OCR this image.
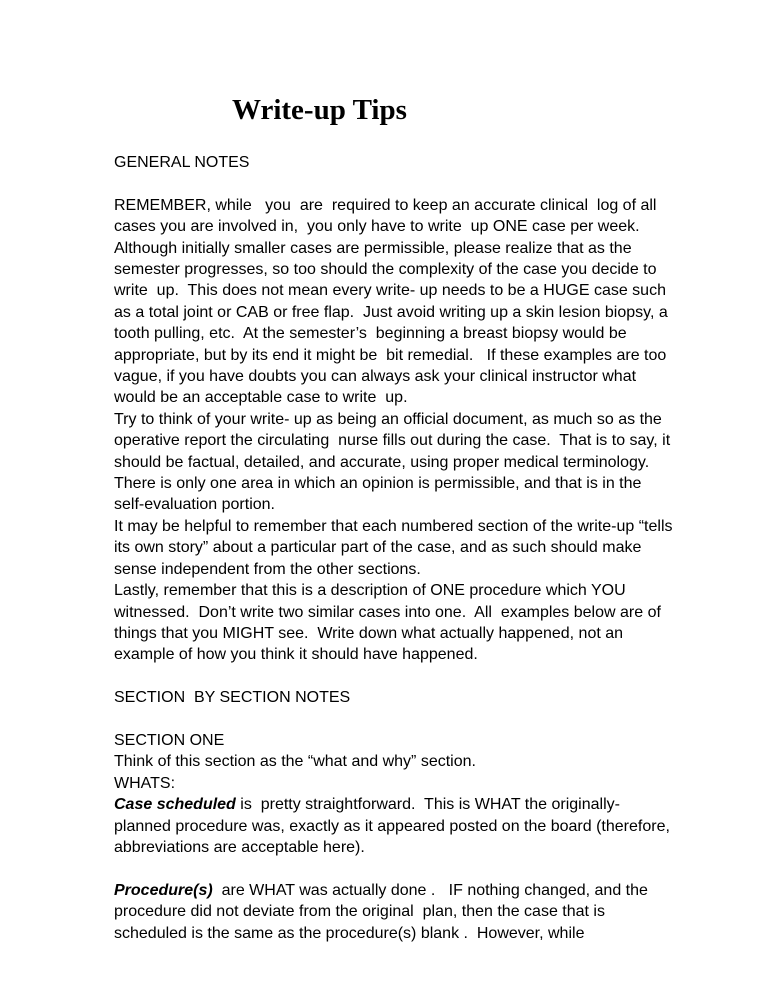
Write-up Tips

GENERAL NOTES

REMEMBER, while   you  are  required to keep an accurate clinical  log of all  cases you are involved in,  you only have to write  up ONE case per week.  Although initially smaller cases are permissible, please realize that as the semester progresses, so too should the complexity of the case you decide to write  up.  This does not mean every write- up needs to be a HUGE case such as a total joint or CAB or free flap.  Just avoid writing up a skin lesion biopsy, a tooth pulling, etc.  At the semester’s  beginning a breast biopsy would be appropriate, but by its end it might be  bit remedial.   If these examples are too vague, if you have doubts you can always ask your clinical instructor what would be an acceptable case to write  up.

Try to think of your write- up as being an official document, as much so as the operative report the circulating  nurse fills out during the case.  That is to say, it should be factual, detailed, and accurate, using proper medical terminology.  There is only one area in which an opinion is permissible, and that is in the self-evaluation portion.

It may be helpful to remember that each numbered section of the write-up “tells its own story” about a particular part of the case, and as such should make sense independent from the other sections.

Lastly, remember that this is a description of ONE procedure which YOU witnessed.  Don’t write two similar cases into one.  All  examples below are of things that you MIGHT see.  Write down what actually happened, not an example of how you think it should have happened.

SECTION  BY SECTION NOTES

SECTION ONE

Think of this section as the “what and why” section.

WHATS:

Case scheduled is  pretty straightforward.  This is WHAT the originally-planned procedure was, exactly as it appeared posted on the board (therefore, abbreviations are acceptable here).

Procedure(s)  are WHAT was actually done .   IF nothing changed, and the procedure did not deviate from the original  plan, then the case that is scheduled is the same as the procedure(s) blank .  However, while
